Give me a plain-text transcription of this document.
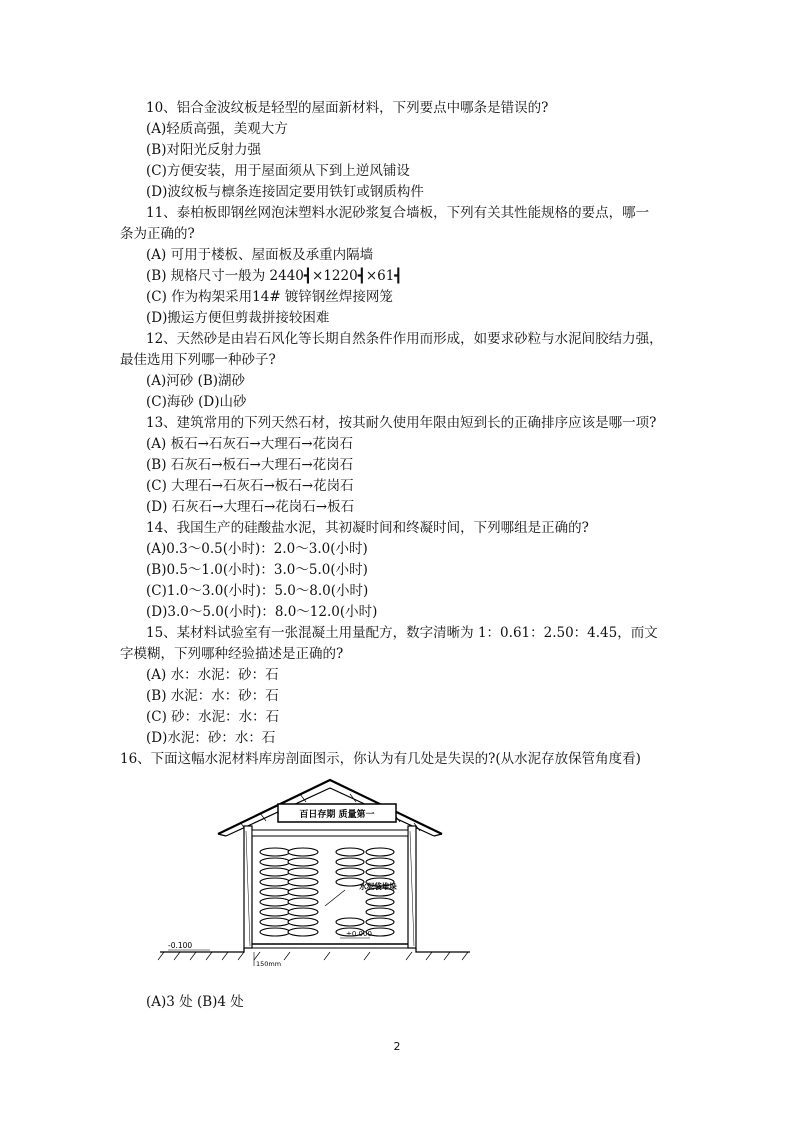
10、铝合金波纹板是轻型的屋面新材料，下列要点中哪条是错误的?
(A)轻质高强，美观大方
(B)对阳光反射力强
(C)方便安装，用于屋面须从下到上逆风铺设
(D)波纹板与檩条连接固定要用铁钉或钢质构件
11、泰柏板即钢丝网泡沫塑料水泥砂浆复合墙板，下列有关其性能规格的要点，哪一
条为正确的?
(A) 可用于楼板、屋面板及承重内隔墙
(B) 规格尺寸一般为 2440┫×1220┫×61┫
(C) 作为构架采用14# 镀锌钢丝焊接网笼
(D)搬运方便但剪裁拼接较困难
12、天然砂是由岩石风化等长期自然条件作用而形成，如要求砂粒与水泥间胶结力强，
最佳选用下列哪一种砂子?
(A)河砂 (B)湖砂
(C)海砂 (D)山砂
13、建筑常用的下列天然石材，按其耐久使用年限由短到长的正确排序应该是哪一项?
(A) 板石→石灰石→大理石→花岗石
(B) 石灰石→板石→大理石→花岗石
(C) 大理石→石灰石→板石→花岗石
(D) 石灰石→大理石→花岗石→板石
14、我国生产的硅酸盐水泥，其初凝时间和终凝时间，下列哪组是正确的?
(A)0.3～0.5(小时)：2.0～3.0(小时)
(B)0.5～1.0(小时)：3.0～5.0(小时)
(C)1.0～3.0(小时)：5.0～8.0(小时)
(D)3.0～5.0(小时)：8.0～12.0(小时)
15、某材料试验室有一张混凝土用量配方，数字清晰为 1：0.61：2.50：4.45，而文
字模糊，下列哪种经验描述是正确的?
(A) 水：水泥：砂：石
(B) 水泥：水：砂：石
(C) 砂：水泥：水：石
(D)水泥：砂：水：石
16、下面这幅水泥材料库房剖面图示，你认为有几处是失误的?(从水泥存放保管角度看)
百日存期 质量第一
水泥袋堆垛
±0.000
-0.100
150mm
(A)3 处 (B)4 处
2
